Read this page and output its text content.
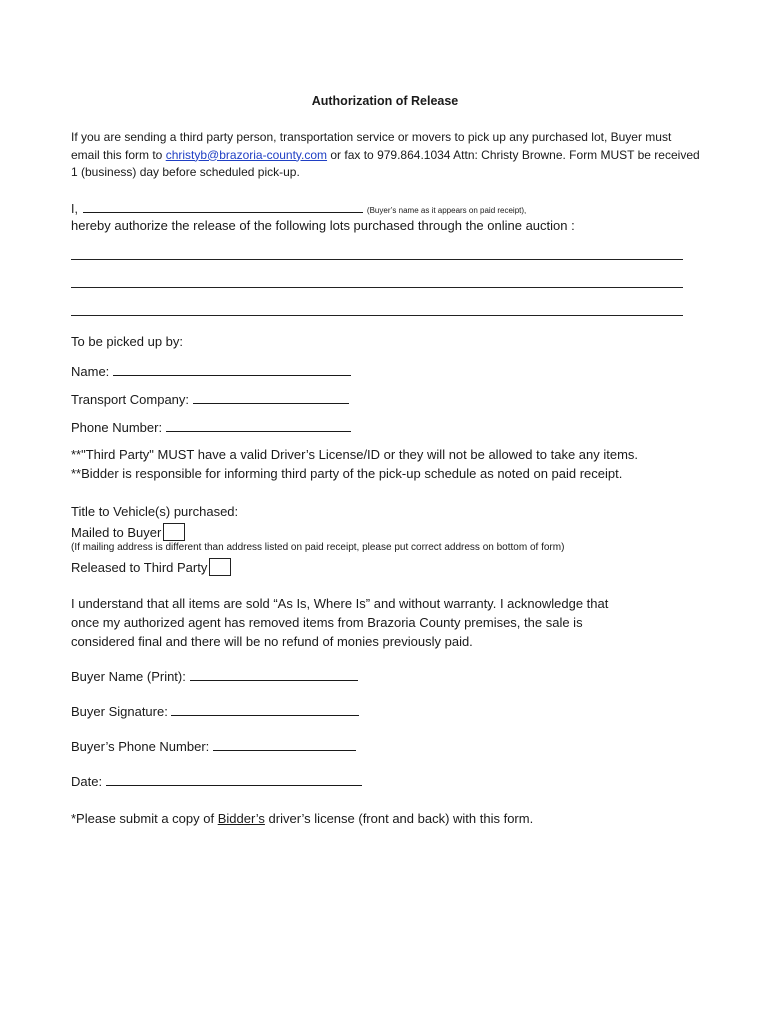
Authorization of Release
If you are sending a third party person, transportation service or movers to pick up any purchased lot, Buyer must email this form to christyb@brazoria-county.com or fax to 979.864.1034 Attn: Christy Browne. Form MUST be received 1 (business) day before scheduled pick-up.
I,	(Buyer’s name as it appears on paid receipt),
hereby authorize the release of the following lots purchased through the online auction :
To be picked up by:
Name:
Transport Company:
Phone Number:
**"Third Party" MUST have a valid Driver’s License/ID or they will not be allowed to take any items.
**Bidder is responsible for informing third party of the pick-up schedule as noted on paid receipt.
Title to Vehicle(s) purchased:
Mailed to Buyer
(If mailing address is different than address listed on paid receipt, please put correct address on bottom of form)
Released to Third Party
I understand that all items are sold “As Is, Where Is” and without warranty. I acknowledge that
once my authorized agent has removed items from Brazoria County premises, the sale is
considered final and there will be no refund of monies previously paid.
Buyer Name (Print):
Buyer Signature:
Buyer’s Phone Number:
Date:
*Please submit a copy of Bidder’s driver’s license (front and back) with this form.
